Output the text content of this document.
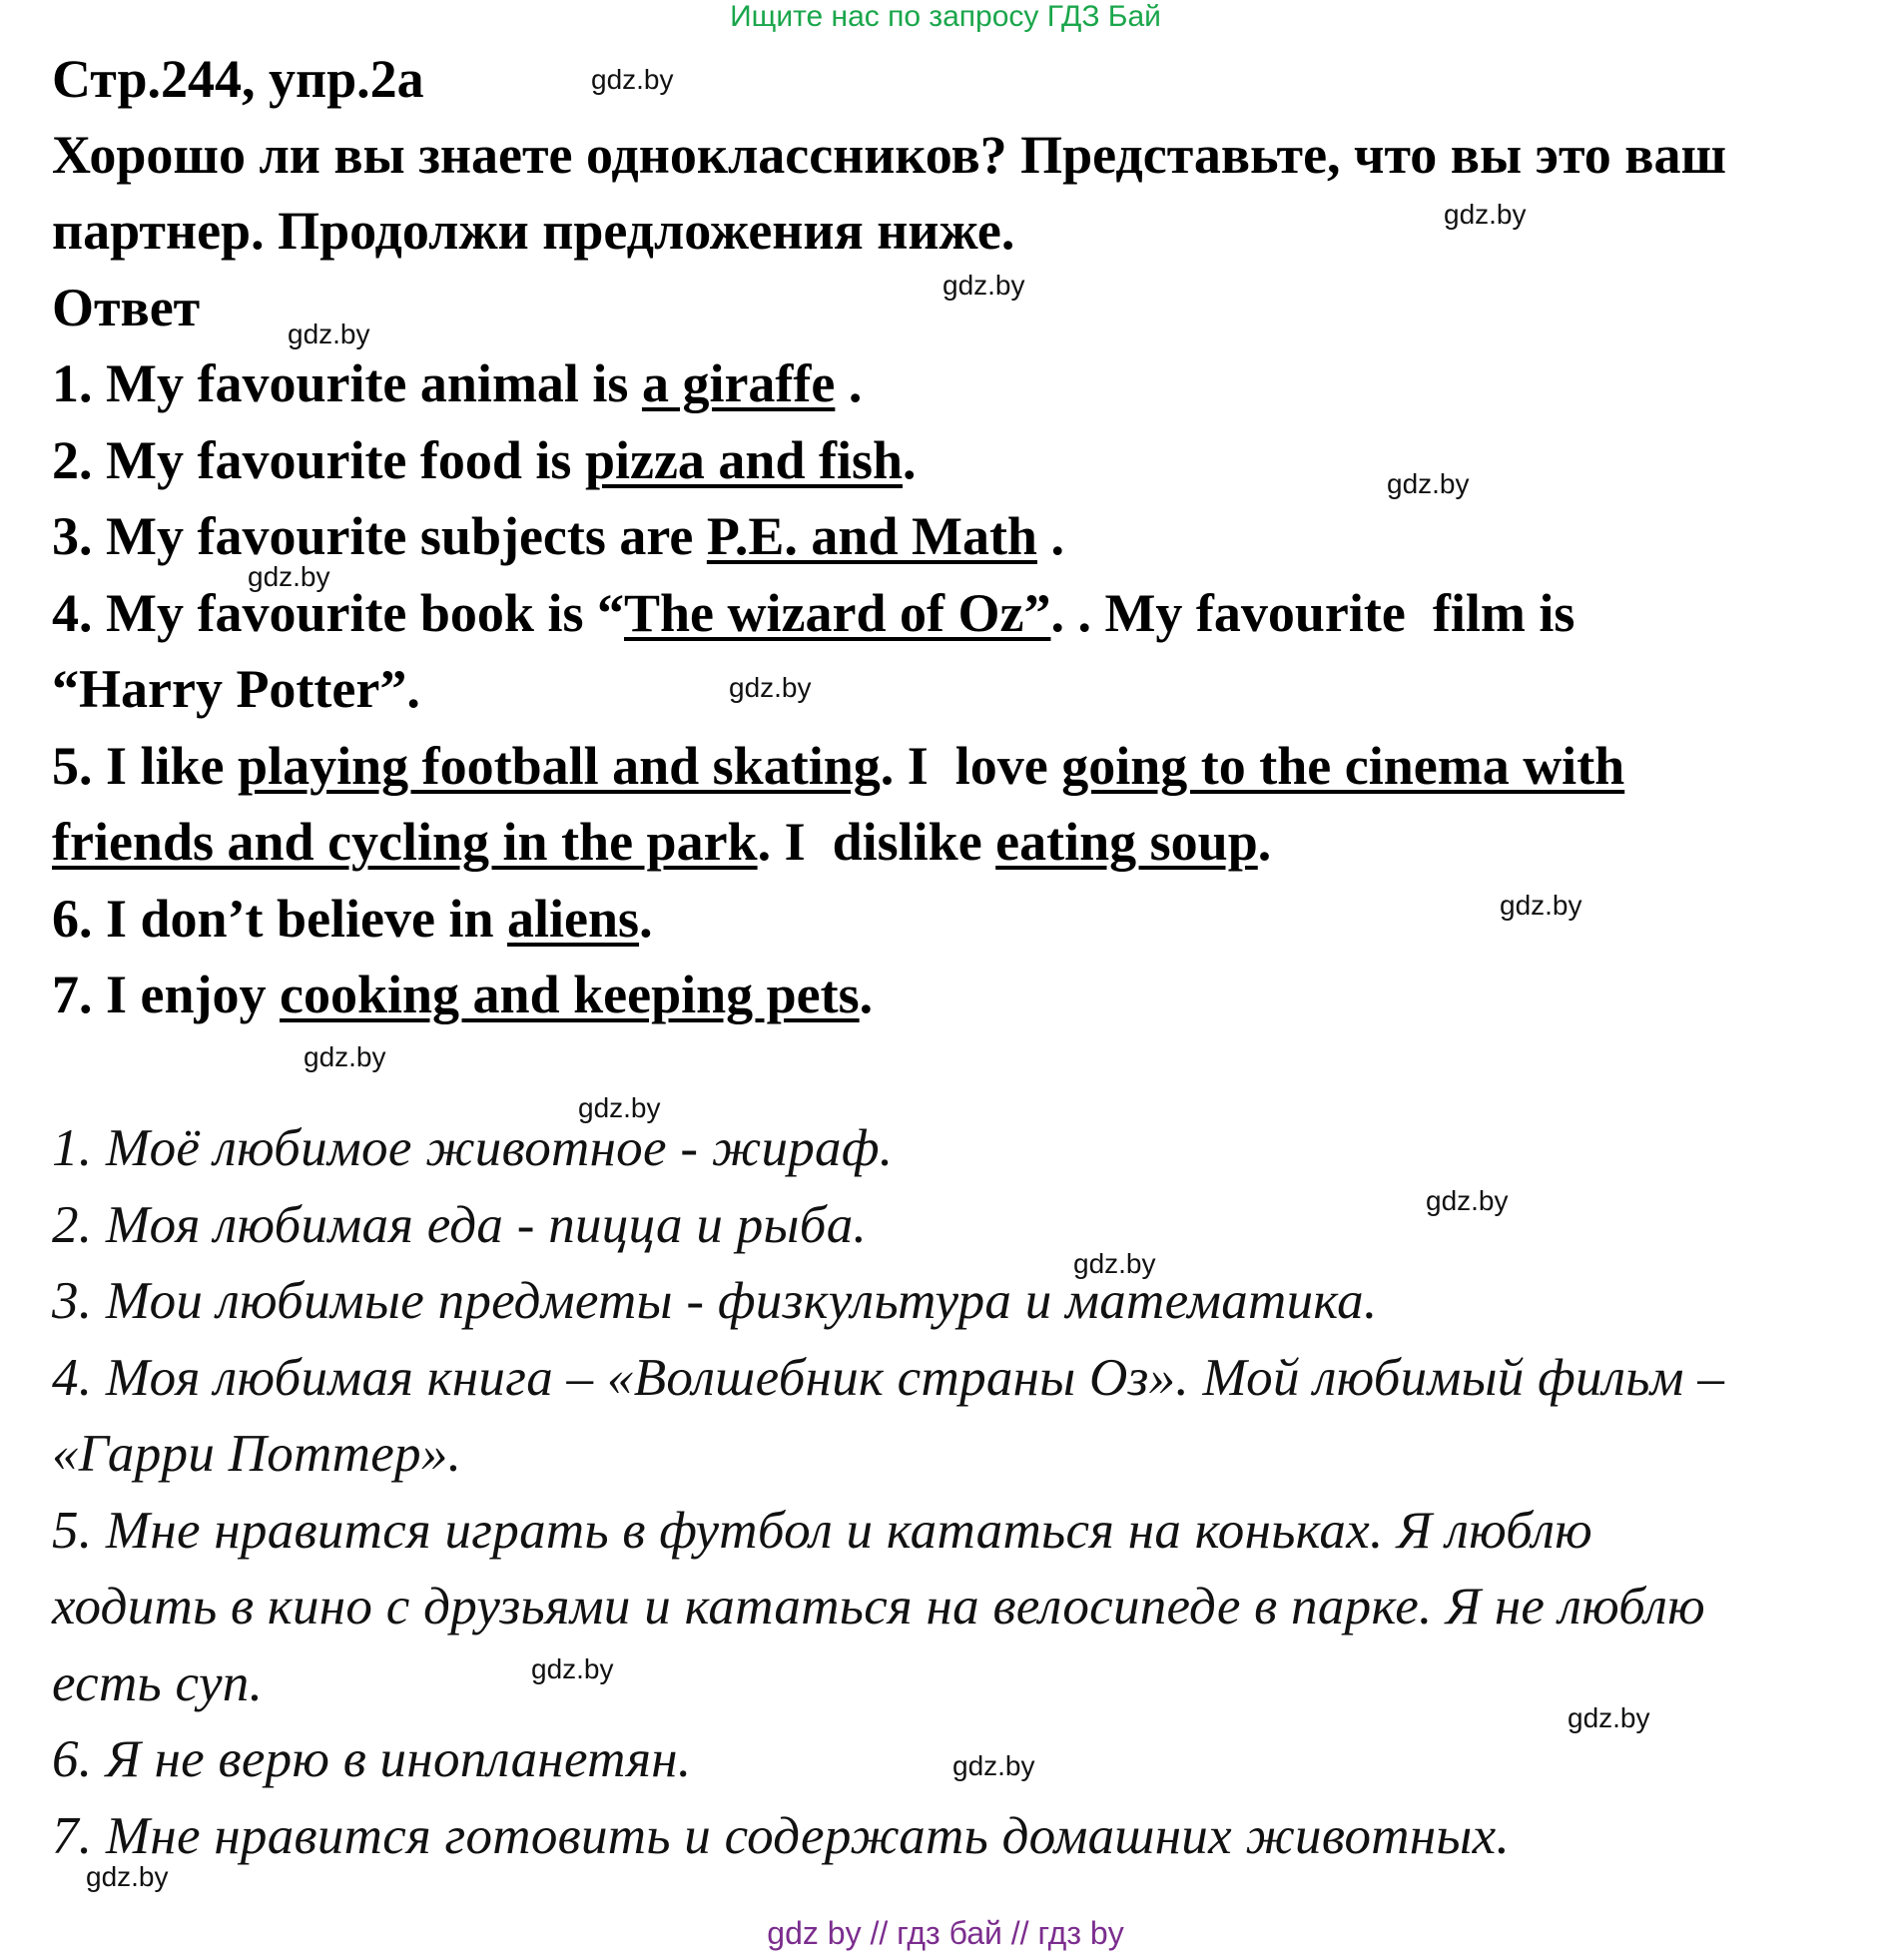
Ищите нас по запросу ГДЗ Бай
Стр.244, упр.2а
Хорошо ли вы знаете одноклассников? Представьте, что вы это ваш
партнер. Продолжи предложения ниже.
Ответ
1. My favourite animal is a giraffe .
2. My favourite food is pizza and fish.
3. My favourite subjects are P.E. and Math .
4. My favourite book is “The wizard of Oz”. . My favourite  film is
“Harry Potter”.
5. I like playing football and skating. I  love going to the cinema with
friends and cycling in the park. I  dislike eating soup.
6. I don’t believe in aliens.
7. I enjoy cooking and keeping pets.
1. Моё любимое животное - жираф.
2. Моя любимая еда - пицца и рыба.
3. Мои любимые предметы - физкультура и математика.
4. Моя любимая книга – «Волшебник страны Оз». Мой любимый фильм –
«Гарри Поттер».
5. Мне нравится играть в футбол и кататься на коньках. Я люблю
ходить в кино с друзьями и кататься на велосипеде в парке. Я не люблю
есть суп.
6. Я не верю в инопланетян.
7. Мне нравится готовить и содержать домашних животных.
gdz.by
gdz.by
gdz.by
gdz.by
gdz.by
gdz.by
gdz.by
gdz.by
gdz.by
gdz.by
gdz.by
gdz.by
gdz.by
gdz.by
gdz.by
gdz.by
gdz by // гдз бай // гдз by
